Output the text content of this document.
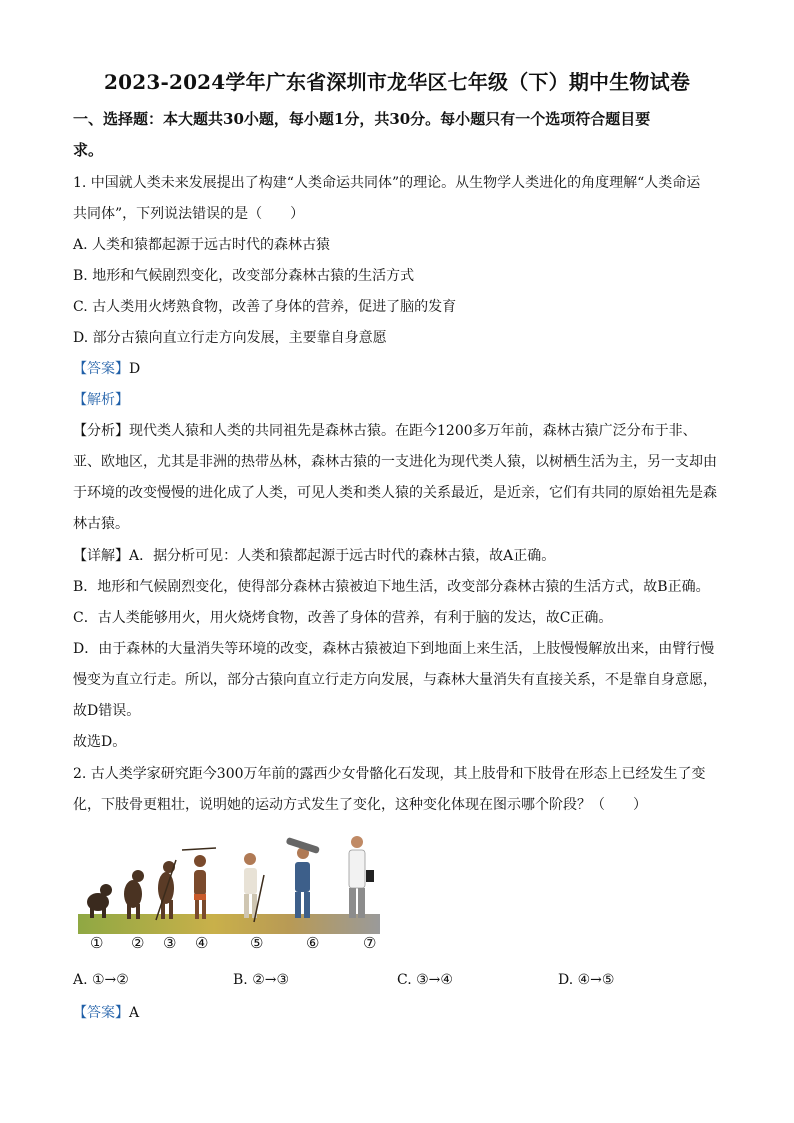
2023-2024学年广东省深圳市龙华区七年级（下）期中生物试卷
一、选择题：本大题共30小题，每小题1分，共30分。每小题只有一个选项符合题目要
求。
1. 中国就人类未来发展提出了构建“人类命运共同体”的理论。从生物学人类进化的角度理解“人类命运
共同体”，下列说法错误的是（　　）
A. 人类和猿都起源于远古时代的森林古猿
B. 地形和气候剧烈变化，改变部分森林古猿的生活方式
C. 古人类用火烤熟食物，改善了身体的营养，促进了脑的发育
D. 部分古猿向直立行走方向发展，主要靠自身意愿
【答案】D
【解析】
【分析】现代类人猿和人类的共同祖先是森林古猿。在距今1200多万年前，森林古猿广泛分布于非、
亚、欧地区，尤其是非洲的热带丛林，森林古猿的一支进化为现代类人猿，以树栖生活为主，另一支却由
于环境的改变慢慢的进化成了人类，可见人类和类人猿的关系最近，是近亲，它们有共同的原始祖先是森
林古猿。
【详解】A．据分析可见：人类和猿都起源于远古时代的森林古猿，故A正确。
B．地形和气候剧烈变化，使得部分森林古猿被迫下地生活，改变部分森林古猿的生活方式，故B正确。
C．古人类能够用火，用火烧烤食物，改善了身体的营养，有利于脑的发达，故C正确。
D．由于森林的大量消失等环境的改变，森林古猿被迫下到地面上来生活，上肢慢慢解放出来，由臂行慢
慢变为直立行走。所以，部分古猿向直立行走方向发展，与森林大量消失有直接关系，不是靠自身意愿，
故D错误。
故选D。
2. 古人类学家研究距今300万年前的露西少女骨骼化石发现，其上肢骨和下肢骨在形态上已经发生了变
化，下肢骨更粗壮，说明她的运动方式发生了变化，这种变化体现在图示哪个阶段？（　　）
① ② ③ ④	⑤	⑥	⑦
A. ①→②	B. ②→③	C. ③→④	D. ④→⑤
【答案】A
